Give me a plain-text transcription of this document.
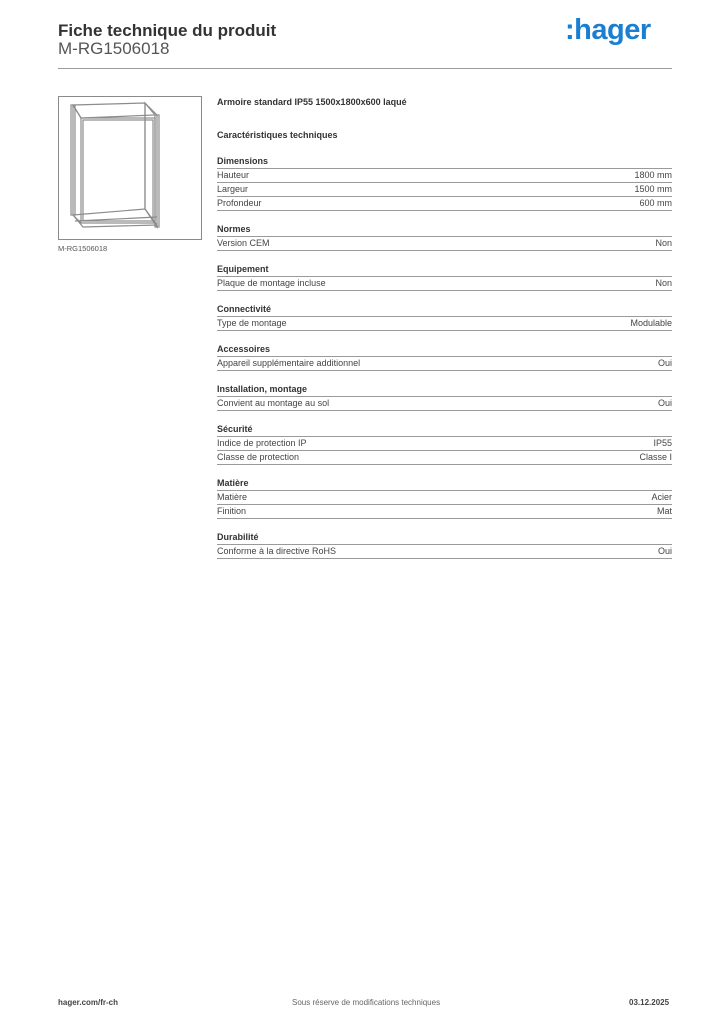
Fiche technique du produit
M-RG1506018
:hager
M-RG1506018
Armoire standard IP55 1500x1800x600 laqué
Caractéristiques techniques
Dimensions
Hauteur	1800 mm
Largeur	1500 mm
Profondeur	600 mm
Normes
Version CEM	Non
Equipement
Plaque de montage incluse	Non
Connectivité
Type de montage	Modulable
Accessoires
Appareil supplémentaire additionnel	Oui
Installation, montage
Convient au montage au sol	Oui
Sécurité
Indice de protection IP	IP55
Classe de protection	Classe I
Matière
Matière	Acier
Finition	Mat
Durabilité
Conforme à la directive RoHS	Oui
hager.com/fr-ch	Sous réserve de modifications techniques	03.12.2025
